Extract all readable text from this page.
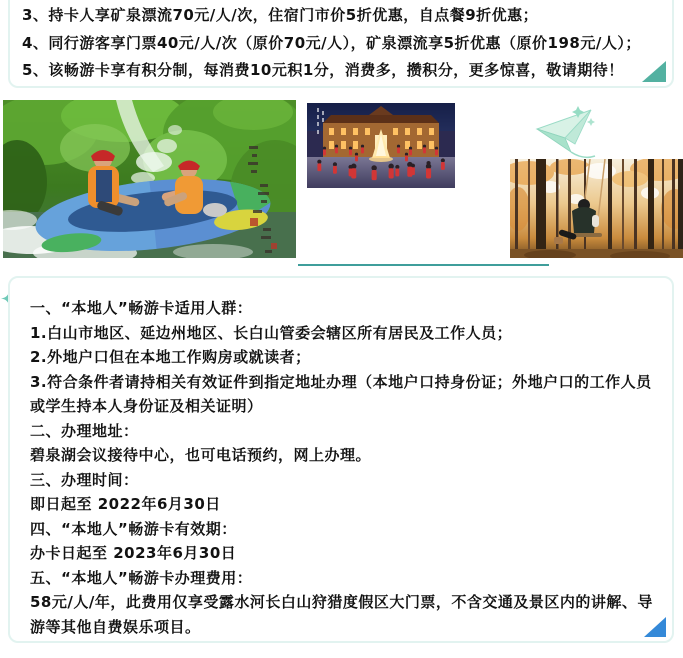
3、持卡人享矿泉漂流70元/人/次，住宿门市价5折优惠，自点餐9折优惠；
4、同行游客享门票40元/人/次（原价70元/人），矿泉漂流享5折优惠（原价198元/人）；
5、该畅游卡享有积分制，每消费10元积1分，消费多，攒积分，更多惊喜，敬请期待！
一、“本地人”畅游卡适用人群：
1.白山市地区、延边州地区、长白山管委会辖区所有居民及工作人员；
2.外地户口但在本地工作购房或就读者；
3.符合条件者请持相关有效证件到指定地址办理（本地户口持身份证；外地户口的工作人员
或学生持本人身份证及相关证明）
二、办理地址：
碧泉湖会议接待中心，也可电话预约，网上办理。
三、办理时间：
即日起至 2022年6月30日
四、“本地人”畅游卡有效期：
办卡日起至 2023年6月30日
五、“本地人”畅游卡办理费用：
58元/人/年，此费用仅享受露水河长白山狩猎度假区大门票，不含交通及景区内的讲解、导
游等其他自费娱乐项目。
